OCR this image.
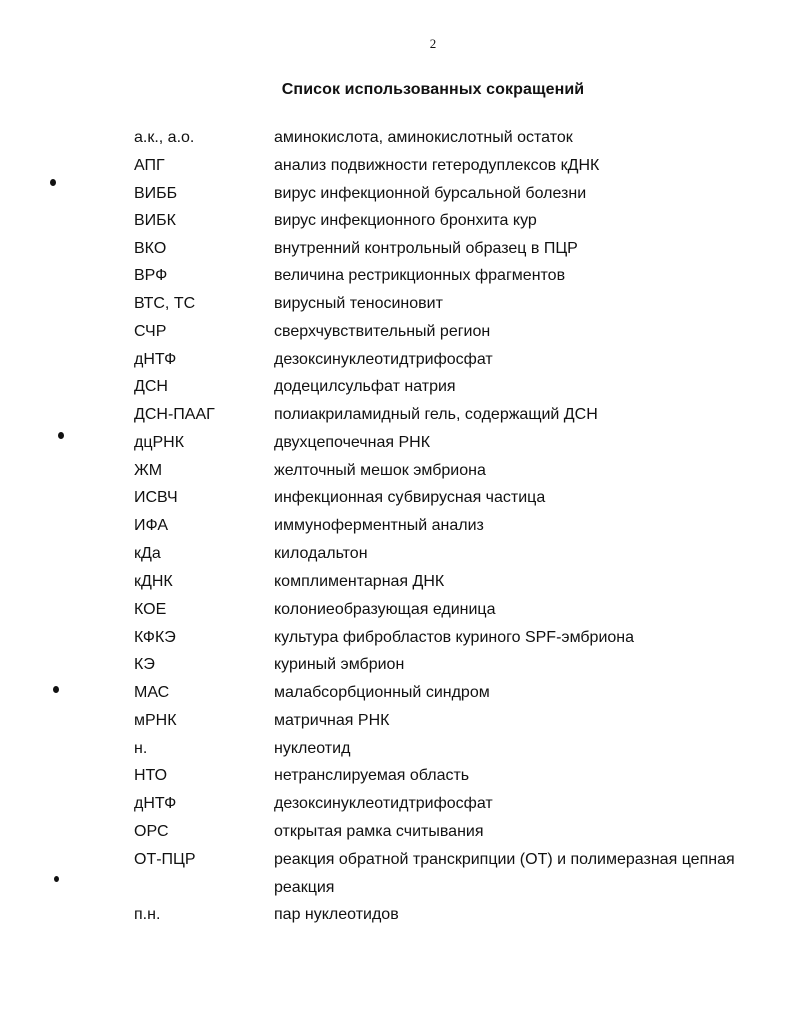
2
Список использованных сокращений
а.к., а.о.	аминокислота, аминокислотный остаток
АПГ	анализ подвижности гетеродуплексов кДНК
ВИББ	вирус инфекционной бурсальной болезни
ВИБК	вирус инфекционного бронхита кур
ВКО	внутренний контрольный образец в ПЦР
ВРФ	величина рестрикционных фрагментов
ВТС, ТС	вирусный теносиновит
СЧР	сверхчувствительный регион
дНТФ	дезоксинуклеотидтрифосфат
ДСН	додецилсульфат натрия
ДСН-ПААГ	полиакриламидный гель, содержащий ДСН
дцРНК	двухцепочечная РНК
ЖМ	желточный мешок эмбриона
ИСВЧ	инфекционная субвирусная частица
ИФА	иммуноферментный анализ
кДа	килодальтон
кДНК	комплиментарная ДНК
КОЕ	колониеобразующая единица
КФКЭ	культура фибробластов куриного SPF-эмбриона
КЭ	куриный эмбрион
МАС	малабсорбционный синдром
мРНК	матричная РНК
н.	нуклеотид
НТО	нетранслируемая область
дНТФ	дезоксинуклеотидтрифосфат
ОРС	открытая рамка считывания
ОТ-ПЦР	реакция обратной транскрипции (ОТ) и полимеразная цепная реакция
п.н.	пар нуклеотидов
